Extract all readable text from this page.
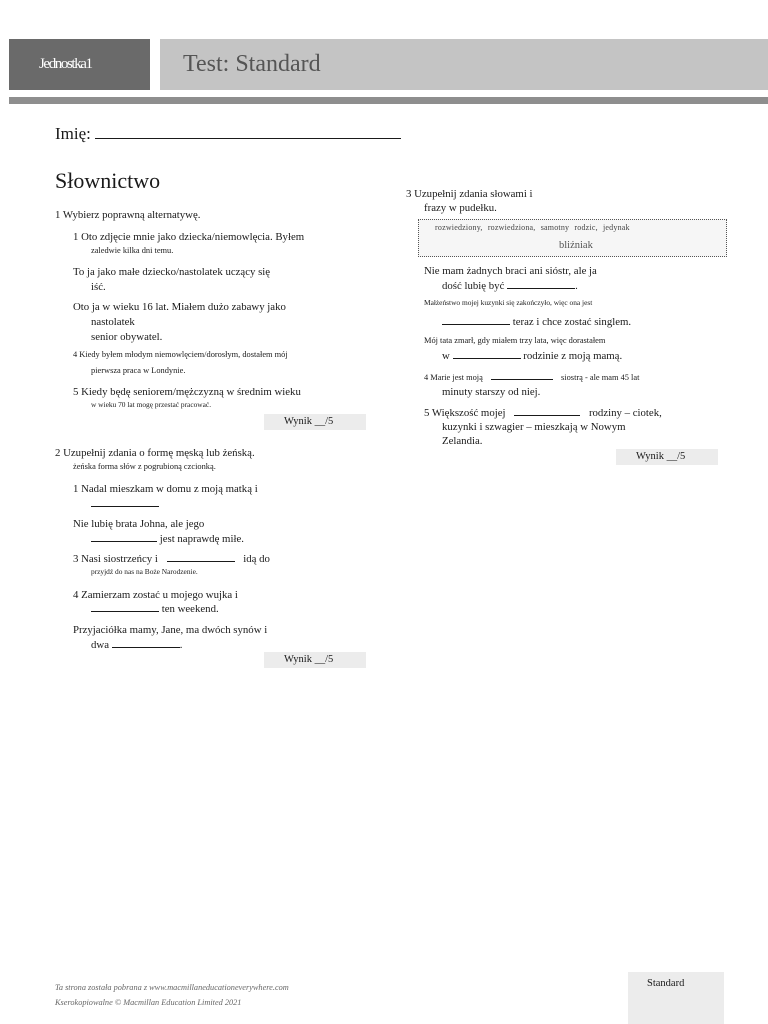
Jednostka1	Test: Standard
Imię:
Słownictwo
1 Wybierz poprawną alternatywę.
1 Oto zdjęcie mnie jako dziecka/niemowlęcia. Byłem
zaledwie kilka dni temu.
To ja jako małe dziecko/nastolatek uczący się
iść.
Oto ja w wieku 16 lat. Miałem dużo zabawy jako
nastolatek
senior obywatel.
4 Kiedy byłem młodym niemowlęciem/dorosłym, dostałem mój
pierwsza praca w Londynie.
5 Kiedy będę seniorem/mężczyzną w średnim wieku
w wieku 70 lat mogę przestać pracować.
Wynik __/5
2 Uzupełnij zdania o formę męską lub żeńską.
żeńska forma słów z pogrubioną czcionką.
1 Nadal mieszkam w domu z moją matką i
Nie lubię brata Johna, ale jego
jest naprawdę miłe.
3 Nasi siostrzeńcy i	idą do
przyjdź do nas na Boże Narodzenie.
4 Zamierzam zostać u mojego wujka i
ten weekend.
Przyjaciółka mamy, Jane, ma dwóch synów i
dwa	.
Wynik __/5
3 Uzupełnij zdania słowami i
frazy w pudełku.
rozwiedziony, rozwiedziona, samotny rodzic, jedynak
bliźniak
Nie mam żadnych braci ani sióstr, ale ja
dość lubię być	.
Małżeństwo mojej kuzynki się zakończyło, więc ona jest
teraz i chce zostać singlem.
Mój tata zmarł, gdy miałem trzy lata, więc dorastałem
w	rodzinie z moją mamą.
4 Marie jest moją	siostrą - ale mam 45 lat
minuty starszy od niej.
5 Większość mojej	rodziny – ciotek,
kuzynki i szwagier – mieszkają w Nowym
Zelandia.
Wynik __/5
Ta strona została pobrana z www.macmillaneducationeverywhere.com
Kserokopiowalne © Macmillan Education Limited 2021
Standard
